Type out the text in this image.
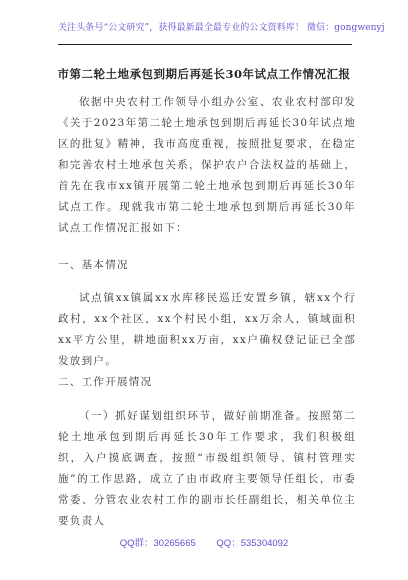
关注头条号“公文研究”，获得最新最全最专业的公文资料库！ 微信：gongwenyj
市第二轮土地承包到期后再延长30年试点工作情况汇报
依据中央农村工作领导小组办公室、农业农村部印发《关于2023年第二轮土地承包到期后再延长30年试点地区的批复》精神，我市高度重视，按照批复要求，在稳定和完善农村土地承包关系，保护农户合法权益的基础上，首先在我市xx镇开展第二轮土地承包到期后再延长30年试点工作。现就我市第二轮土地承包到期后再延长30年试点工作情况汇报如下：
一、基本情况
试点镇xx镇属xx水库移民巡迁安置乡镇，辖xx个行政村，xx个社区，xx个村民小组，xx万余人，镇域面积xx平方公里，耕地面积xx万亩，xx户确权登记证已全部发放到户。
二、工作开展情况
（一）抓好谋划组织环节，做好前期准备。按照第二轮土地承包到期后再延长30年工作要求，我们积极组织，入户摸底调查，按照“市级组织领导、镇村管理实施”的工作思路，成立了由市政府主要领导任组长，市委常委、分管农业农村工作的副市长任副组长，相关单位主要负责人
QQ群：30265665 QQ：535304092
